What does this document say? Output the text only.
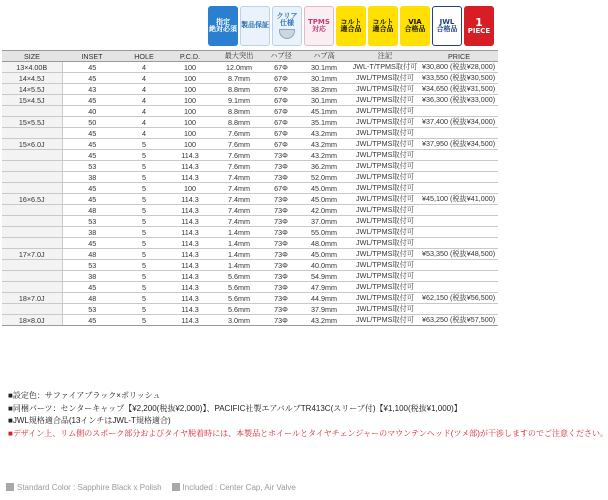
指定
絶対必須 製品保証
クリア
仕様 TPMS
対応
コルト
適合品
コルト
適合品
VIA
合格品
JWL
合格品
1
PIECE
SIZE	INSET	HOLE	P.C.D.	最大突出	ハブ径	ハブ高	注記	PRICE
13×4.00B	45	4	100	12.0mm	67Φ	30.1mm	JWL-T/TPMS取付可	¥30,800 (税抜¥28,000)
14×4.5J	45	4	100	8.7mm	67Φ	30.1mm	JWL/TPMS取付可	¥33,550 (税抜¥30,500)
14×5.5J	43	4	100	8.8mm	67Φ	38.2mm	JWL/TPMS取付可	¥34,650 (税抜¥31,500)
15×4.5J	45	4	100	9.1mm	67Φ	30.1mm	JWL/TPMS取付可	¥36,300 (税抜¥33,000)
	40	4	100	8.8mm	67Φ	45.1mm	JWL/TPMS取付可	
15×5.5J	50	4	100	8.8mm	67Φ	35.1mm	JWL/TPMS取付可	¥37,400 (税抜¥34,000)
	45	4	100	7.6mm	67Φ	43.2mm	JWL/TPMS取付可	
15×6.0J	45	5	100	7.6mm	67Φ	43.2mm	JWL/TPMS取付可	¥37,950 (税抜¥34,500)
	45	5	114.3	7.6mm	73Φ	43.2mm	JWL/TPMS取付可	
	53	5	114.3	7.6mm	73Φ	36.2mm	JWL/TPMS取付可	
	38	5	114.3	7.4mm	73Φ	52.0mm	JWL/TPMS取付可	
	45	5	100	7.4mm	67Φ	45.0mm	JWL/TPMS取付可	
16×6.5J	45	5	114.3	7.4mm	73Φ	45.0mm	JWL/TPMS取付可	¥45,100 (税抜¥41,000)
	48	5	114.3	7.4mm	73Φ	42.0mm	JWL/TPMS取付可	
	53	5	114.3	7.4mm	73Φ	37.0mm	JWL/TPMS取付可	
	38	5	114.3	1.4mm	73Φ	55.0mm	JWL/TPMS取付可	
	45	5	114.3	1.4mm	73Φ	48.0mm	JWL/TPMS取付可	
17×7.0J	48	5	114.3	1.4mm	73Φ	45.0mm	JWL/TPMS取付可	¥53,350 (税抜¥48,500)
	53	5	114.3	1.4mm	73Φ	40.0mm	JWL/TPMS取付可	
	38	5	114.3	5.6mm	73Φ	54.9mm	JWL/TPMS取付可	
	45	5	114.3	5.6mm	73Φ	47.9mm	JWL/TPMS取付可	
18×7.0J	48	5	114.3	5.6mm	73Φ	44.9mm	JWL/TPMS取付可	¥62,150 (税抜¥56,500)
	53	5	114.3	5.6mm	73Φ	37.9mm	JWL/TPMS取付可	
18×8.0J	45	5	114.3	3.0mm	73Φ	43.2mm	JWL/TPMS取付可	¥63,250 (税抜¥57,500)
■設定色：サファイアブラック×ポリッシュ
■同梱パーツ：センターキャップ【¥2,200(税抜¥2,000)】、PACIFIC社製エアバルブTR413C(スリーブ付)【¥1,100(税抜¥1,000)】
■JWL規格適合品(13インチはJWL-T規格適合)
■デザイン上、リム側のスポーク部分およびタイヤ脱着時には、本製品とホイールとタイヤチェンジャーのマウンテンヘッド(ツメ部)が干渉しますのでご注意ください。
Standard Color : Sapphire Black x Polish	Included : Center Cap, Air Valve
